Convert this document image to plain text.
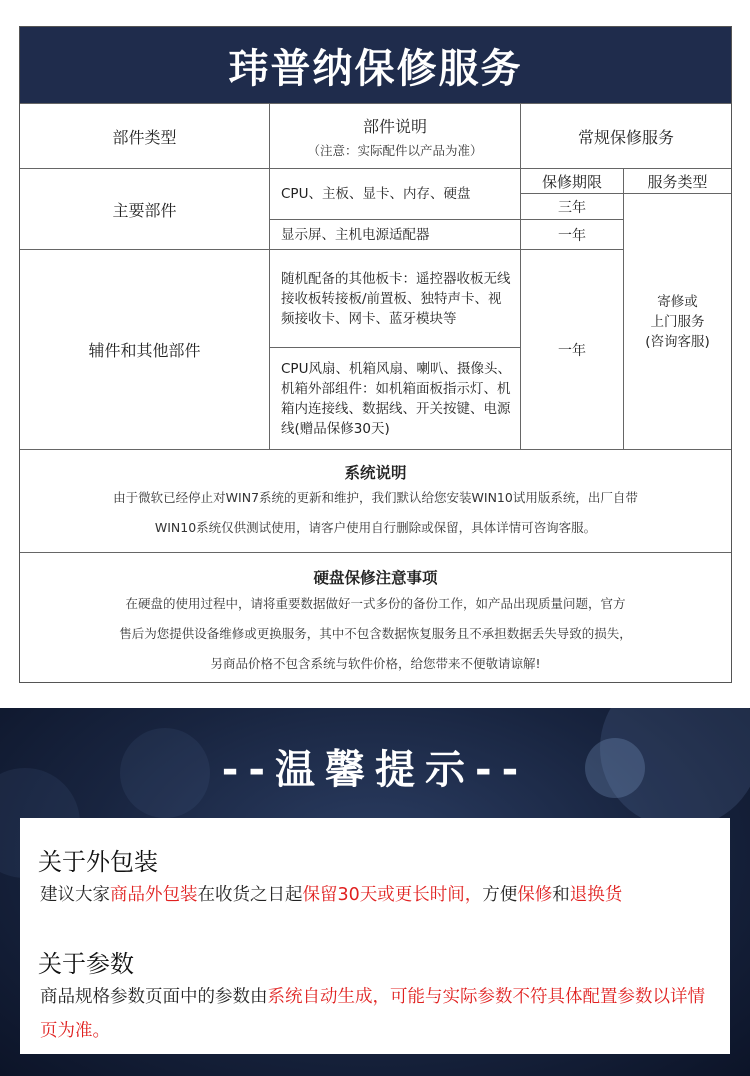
玮普纳保修服务
部件类型
部件说明
（注意：实际配件以产品为准）
常规保修服务
主要部件
CPU、主板、显卡、内存、硬盘
显示屏、主机电源适配器
保修期限	服务类型
三年
一年
辅件和其他部件
随机配备的其他板卡：遥控器收板无线接收板转接板/前置板、独特声卡、视频接收卡、网卡、蓝牙模块等
CPU风扇、机箱风扇、喇叭、摄像头、机箱外部组件：如机箱面板指示灯、机箱内连接线、数据线、开关按键、电源线(赠品保修30天)
一年
寄修或
上门服务
(咨询客服)
系统说明
由于微软已经停止对WIN7系统的更新和维护，我们默认给您安装WIN10试用版系统，出厂自带
WIN10系统仅供测试使用，请客户使用自行删除或保留，具体详情可咨询客服。
硬盘保修注意事项
在硬盘的使用过程中，请将重要数据做好一式多份的备份工作，如产品出现质量问题，官方
售后为您提供设备维修或更换服务，其中不包含数据恢复服务且不承担数据丢失导致的损失，
另商品价格不包含系统与软件价格，给您带来不便敬请谅解!
--温馨提示--
关于外包装
建议大家商品外包装在收货之日起保留30天或更长时间，方便保修和退换货
关于参数
商品规格参数页面中的参数由系统自动生成，可能与实际参数不符具体配置参数以详情页为准。
